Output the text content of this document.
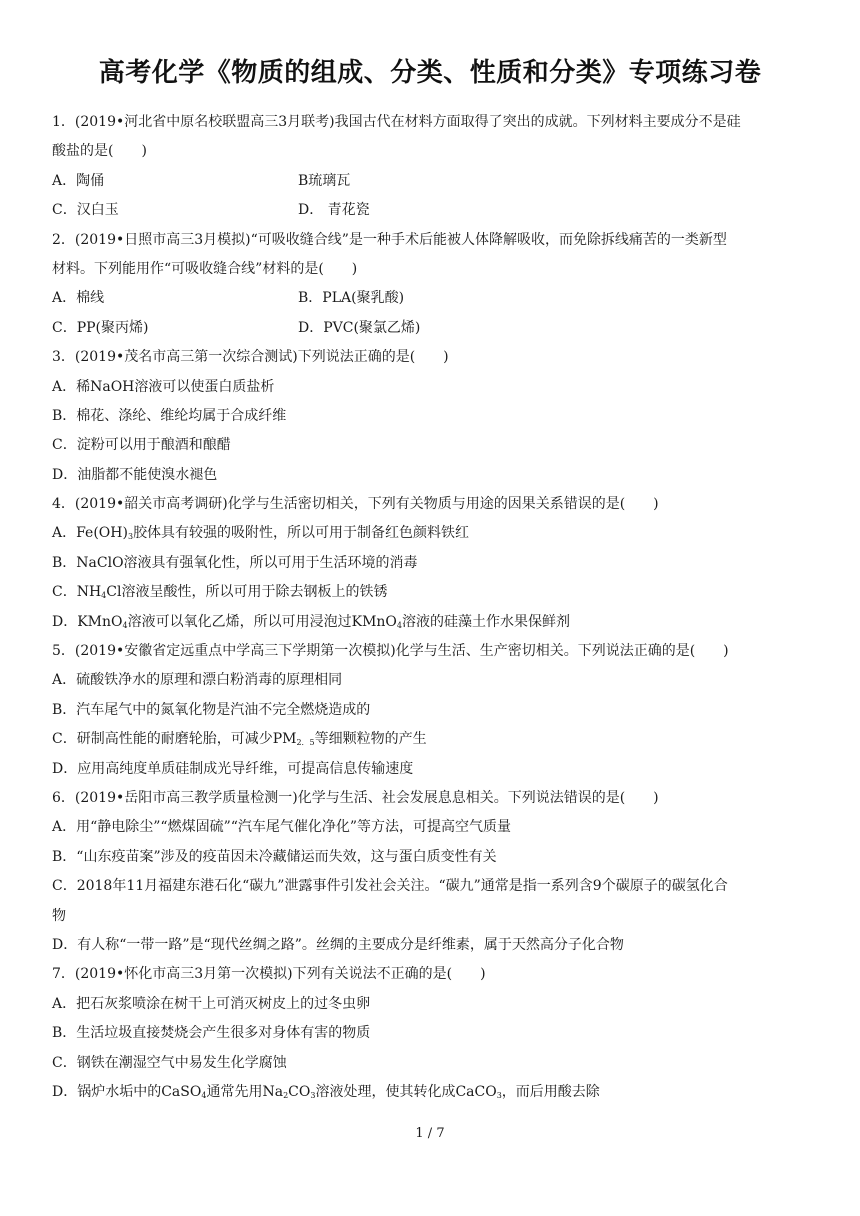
高考化学《物质的组成、分类、性质和分类》专项练习卷
1．(2019•河北省中原名校联盟高三3月联考)我国古代在材料方面取得了突出的成就。下列材料主要成分不是硅
酸盐的是(　　)
A．陶俑	B琉璃瓦
C．汉白玉	D． 青花瓷
2．(2019•日照市高三3月模拟)“可吸收缝合线”是一种手术后能被人体降解吸收，而免除拆线痛苦的一类新型
材料。下列能用作“可吸收缝合线”材料的是(　　)
A．棉线	B．PLA(聚乳酸)
C．PP(聚丙烯)	D．PVC(聚氯乙烯)
3．(2019•茂名市高三第一次综合测试)下列说法正确的是(　　)
A．稀NaOH溶液可以使蛋白质盐析
B．棉花、涤纶、维纶均属于合成纤维
C．淀粉可以用于酿酒和酿醋
D．油脂都不能使溴水褪色
4．(2019•韶关市高考调研)化学与生活密切相关，下列有关物质与用途的因果关系错误的是(　　)
A．$Fe(OH)_3$胶体具有较强的吸附性，所以可用于制备红色颜料铁红
B．NaClO溶液具有强氧化性，所以可用于生活环境的消毒
C．$NH_4Cl$溶液呈酸性，所以可用于除去钢板上的铁锈
D．KMnO$_4$溶液可以氧化乙烯，所以可用浸泡过KMnO$_4$溶液的硅藻土作水果保鲜剂
5．(2019•安徽省定远重点中学高三下学期第一次模拟)化学与生活、生产密切相关。下列说法正确的是(　　)
A．硫酸铁净水的原理和漂白粉消毒的原理相同
B．汽车尾气中的氮氧化物是汽油不完全燃烧造成的
C．研制高性能的耐磨轮胎，可减少$PM_{2.5}$等细颗粒物的产生
D．应用高纯度单质硅制成光导纤维，可提高信息传输速度
6．(2019•岳阳市高三教学质量检测一)化学与生活、社会发展息息相关。下列说法错误的是(　　)
A．用“静电除尘”“燃煤固硫”“汽车尾气催化净化”等方法，可提高空气质量
B．“山东疫苗案”涉及的疫苗因未冷藏储运而失效，这与蛋白质变性有关
C．2018年11月福建东港石化“碳九”泄露事件引发社会关注。“碳九”通常是指一系列含9个碳原子的碳氢化合
物
D．有人称“一带一路”是“现代丝绸之路”。丝绸的主要成分是纤维素，属于天然高分子化合物
7．(2019•怀化市高三3月第一次模拟)下列有关说法不正确的是(　　)
A．把石灰浆喷涂在树干上可消灭树皮上的过冬虫卵
B．生活垃圾直接焚烧会产生很多对身体有害的物质
C．钢铁在潮湿空气中易发生化学腐蚀
D．锅炉水垢中的CaSO$_4$通常先用$Na_2CO_3$溶液处理，使其转化成CaCO$_3$，而后用酸去除
1 / 7
